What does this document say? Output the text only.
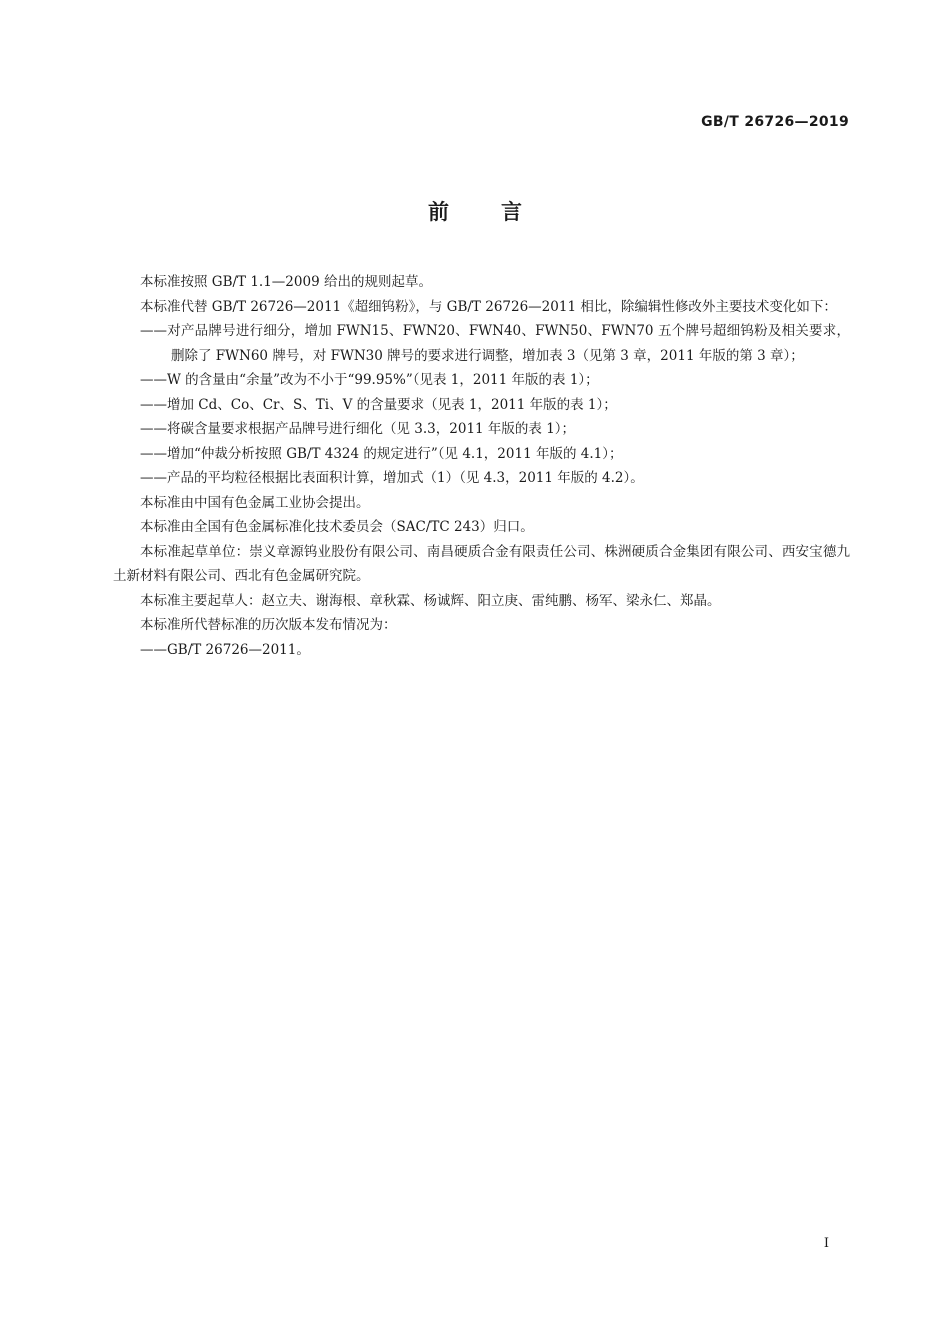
GB/T 26726—2019
前言

本标准按照 GB/T 1.1—2009 给出的规则起草。

本标准代替 GB/T 26726—2011《超细钨粉》，与 GB/T 26726—2011 相比，除编辑性修改外主要技术变化如下：

——对产品牌号进行细分，增加 FWN15、FWN20、FWN40、FWN50、FWN70 五个牌号超细钨粉及相关要求，删除了 FWN60 牌号，对 FWN30 牌号的要求进行调整，增加表 3（见第 3 章，2011 年版的第 3 章）；

——W 的含量由“余量”改为不小于“99.95%”（见表 1，2011 年版的表 1）；

——增加 Cd、Co、Cr、S、Ti、V 的含量要求（见表 1，2011 年版的表 1）；

——将碳含量要求根据产品牌号进行细化（见 3.3，2011 年版的表 1）；

——增加“仲裁分析按照 GB/T 4324 的规定进行”（见 4.1，2011 年版的 4.1）；

——产品的平均粒径根据比表面积计算，增加式（1）（见 4.3，2011 年版的 4.2）。

本标准由中国有色金属工业协会提出。

本标准由全国有色金属标准化技术委员会（SAC/TC 243）归口。

本标准起草单位：崇义章源钨业股份有限公司、南昌硬质合金有限责任公司、株洲硬质合金集团有限公司、西安宝德九土新材料有限公司、西北有色金属研究院。

本标准主要起草人：赵立夫、谢海根、章秋霖、杨诚辉、阳立庚、雷纯鹏、杨军、梁永仁、郑晶。

本标准所代替标准的历次版本发布情况为：

——GB/T 26726—2011。

I
